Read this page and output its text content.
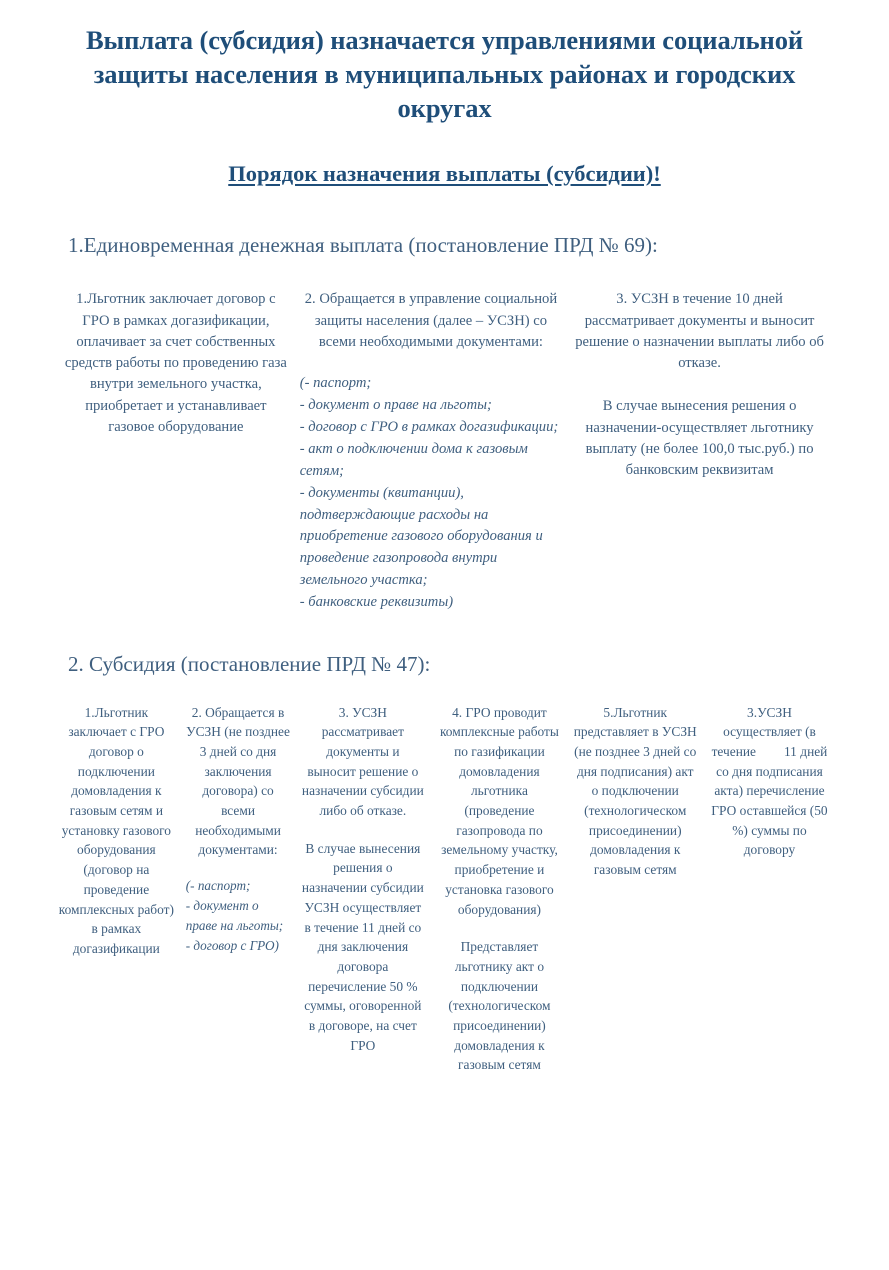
Выплата (субсидия) назначается управлениями социальной защиты населения в муниципальных районах и городских округах
Порядок назначения выплаты (субсидии)!
1.Единовременная денежная выплата (постановление ПРД № 69):

1.Льготник заключает договор с ГРО в рамках догазификации, оплачивает за счет собственных средств работы по проведению газа внутри земельного участка, приобретает и устанавливает газовое оборудование

2. Обращается в управление социальной защиты населения (далее – УСЗН) со всеми необходимыми документами:

(- паспорт;

- документ о праве на льготы;

- договор с ГРО в рамках догазификации;

- акт о подключении дома к газовым сетям;

- документы (квитанции), подтверждающие расходы на приобретение газового оборудования и проведение газопровода внутри земельного участка;

- банковские реквизиты)

3. УСЗН в течение 10 дней рассматривает документы и выносит решение о назначении выплаты либо об отказе.

В случае вынесения решения о назначении-осуществляет льготнику выплату (не более 100,0 тыс.руб.) по банковским реквизитам

2. Субсидия (постановление ПРД № 47):

1.Льготник заключает с ГРО договор о подключении домовладения к газовым сетям и установку газового оборудования (договор на проведение комплексных работ) в рамках догазификации

2. Обращается в УСЗН (не позднее 3 дней со дня заключения договора) со всеми необходимыми документами:

(- паспорт;

- документ о праве на льготы;

- договор с ГРО)

3. УСЗН рассматривает документы и выносит решение о назначении субсидии либо об отказе.

В случае вынесения решения о назначении субсидии УСЗН осуществляет в течение 11 дней со дня заключения договора перечисление 50 % суммы, оговоренной в договоре, на счет ГРО

4. ГРО проводит комплексные работы по газификации домовладения льготника (проведение газопровода по земельному участку, приобретение и установка газового оборудования)

Представляет льготнику акт о подключении (технологическом присоединении) домовладения к газовым сетям

5.Льготник представляет в УСЗН (не позднее 3 дней со дня подписания) акт о подключении (технологическом присоединении) домовладения к газовым сетям

3.УСЗН осуществляет (в течение 11 дней со дня подписания акта) перечисление ГРО оставшейся (50 %) суммы по договору
